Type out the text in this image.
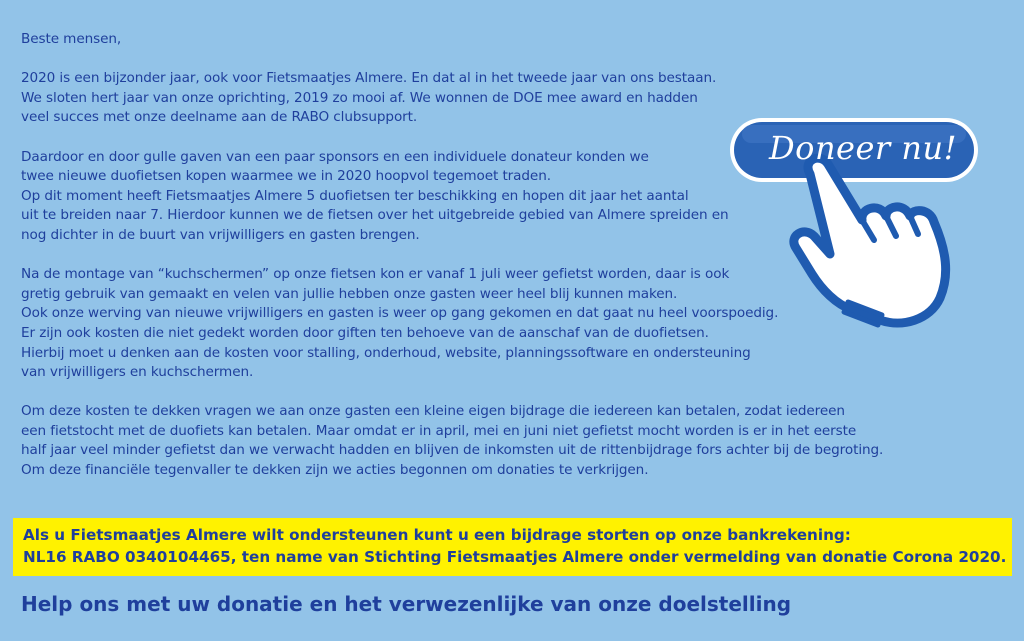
Beste mensen,

2020 is een bijzonder jaar, ook voor Fietsmaatjes Almere. En dat al in het tweede jaar van ons bestaan.
We sloten hert jaar van onze oprichting, 2019 zo mooi af. We wonnen de DOE mee award en hadden
veel succes met onze deelname aan de RABO clubsupport.

Daardoor en door gulle gaven van een paar sponsors en een individuele donateur konden we
twee nieuwe duofietsen kopen waarmee we in 2020 hoopvol tegemoet traden.
Op dit moment heeft Fietsmaatjes Almere 5 duofietsen ter beschikking en hopen dit jaar het aantal
uit te breiden naar 7. Hierdoor kunnen we de fietsen over het uitgebreide gebied van Almere spreiden en
nog dichter in de buurt van vrijwilligers en gasten brengen.

Na de montage van “kuchschermen” op onze fietsen kon er vanaf 1 juli weer gefietst worden, daar is ook
gretig gebruik van gemaakt en velen van jullie hebben onze gasten weer heel blij kunnen maken.
Ook onze werving van nieuwe vrijwilligers en gasten is weer op gang gekomen en dat gaat nu heel voorspoedig.
Er zijn ook kosten die niet gedekt worden door giften ten behoeve van de aanschaf van de duofietsen.
Hierbij moet u denken aan de kosten voor stalling, onderhoud, website, planningssoftware en ondersteuning
van vrijwilligers en kuchschermen.

Om deze kosten te dekken vragen we aan onze gasten een kleine eigen bijdrage die iedereen kan betalen, zodat iedereen
een fietstocht met de duofiets kan betalen. Maar omdat er in april, mei en juni niet gefietst mocht worden is er in het eerste
half jaar veel minder gefietst dan we verwacht hadden en blijven de inkomsten uit de rittenbijdrage fors achter bij de begroting.
Om deze financiële tegenvaller te dekken zijn we acties begonnen om donaties te verkrijgen.

Doneer nu!
Als u Fietsmaatjes Almere wilt ondersteunen kunt u een bijdrage storten op onze bankrekening:
NL16 RABO 0340104465, ten name van Stichting Fietsmaatjes Almere onder vermelding van donatie Corona 2020.
Help ons met uw donatie en het verwezenlijke van onze doelstelling
